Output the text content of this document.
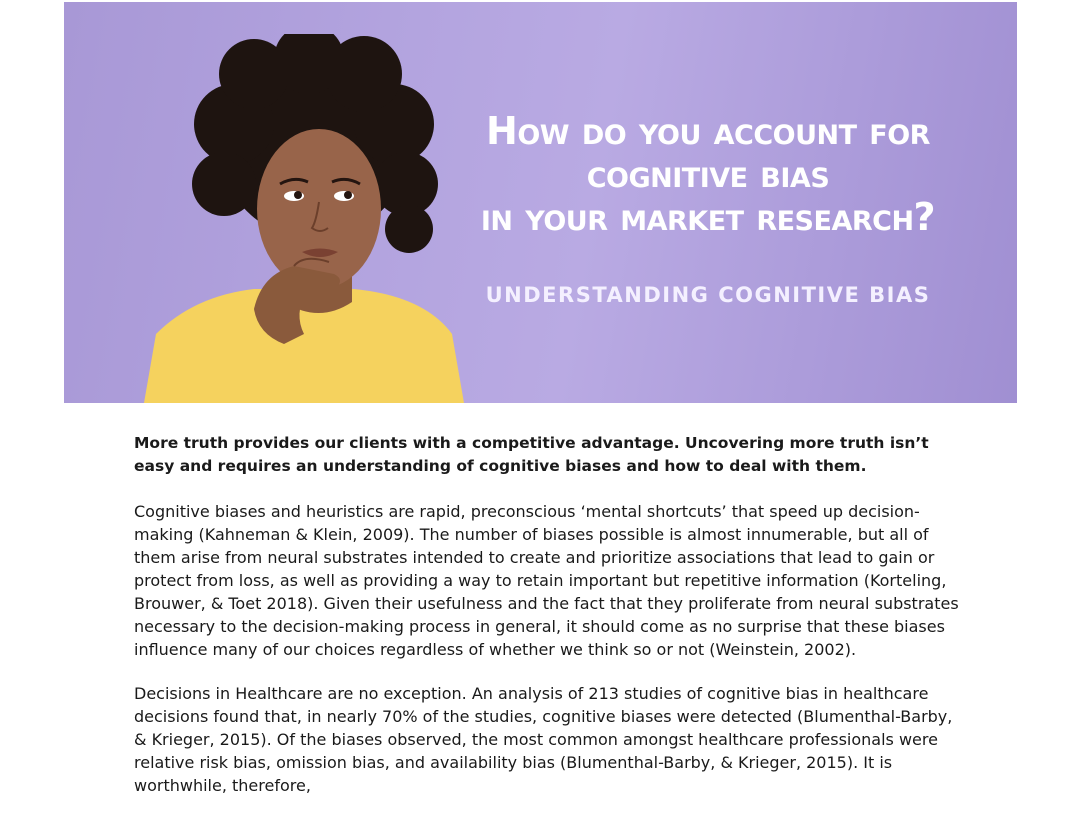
How do you account for
cognitive bias
in your market research?
UNDERSTANDING COGNITIVE BIAS

More truth provides our clients with a competitive advantage. Uncovering more truth isn’t easy and requires an understanding of cognitive biases and how to deal with them.

Cognitive biases and heuristics are rapid, preconscious ‘mental shortcuts’ that speed up decision-making (Kahneman & Klein, 2009). The number of biases possible is almost innumerable, but all of them arise from neural substrates intended to create and prioritize associations that lead to gain or protect from loss, as well as providing a way to retain important but repetitive information (Korteling, Brouwer, & Toet 2018). Given their usefulness and the fact that they proliferate from neural substrates necessary to the decision-making process in general, it should come as no surprise that these biases influence many of our choices regardless of whether we think so or not (Weinstein, 2002).

Decisions in Healthcare are no exception. An analysis of 213 studies of cognitive bias in healthcare decisions found that, in nearly 70% of the studies, cognitive biases were detected (Blumenthal-Barby, & Krieger, 2015). Of the biases observed, the most common amongst healthcare professionals were relative risk bias, omission bias, and availability bias (Blumenthal-Barby, & Krieger, 2015). It is worthwhile, therefore,
